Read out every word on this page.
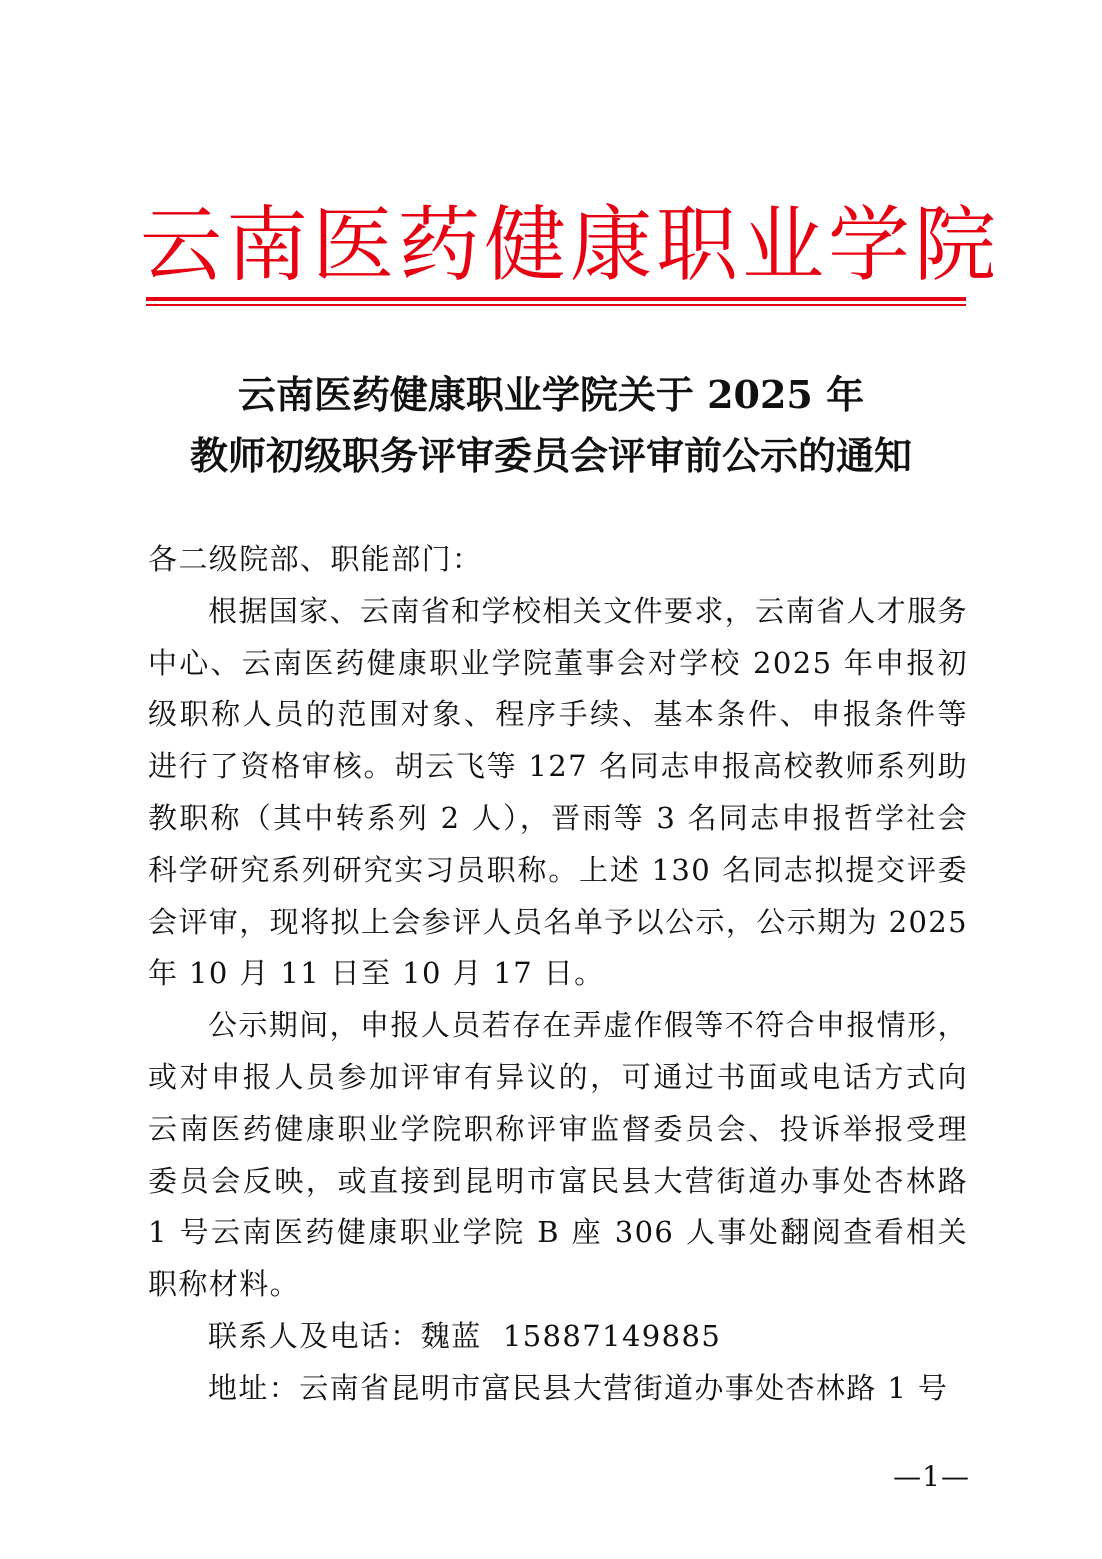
云南医药健康职业学院
云南医药健康职业学院关于 2025 年
教师初级职务评审委员会评审前公示的通知

各二级院部、职能部门：

根据国家、云南省和学校相关文件要求，云南省人才服务中心、云南医药健康职业学院董事会对学校 2025 年申报初级职称人员的范围对象、程序手续、基本条件、申报条件等进行了资格审核。胡云飞等 127 名同志申报高校教师系列助教职称（其中转系列 2 人），晋雨等 3 名同志申报哲学社会科学研究系列研究实习员职称。上述 130 名同志拟提交评委会评审，现将拟上会参评人员名单予以公示，公示期为 2025 年 10 月 11 日至 10 月 17 日。

公示期间，申报人员若存在弄虚作假等不符合申报情形，或对申报人员参加评审有异议的，可通过书面或电话方式向云南医药健康职业学院职称评审监督委员会、投诉举报受理委员会反映，或直接到昆明市富民县大营街道办事处杏林路 1 号云南医药健康职业学院 B 座 306 人事处翻阅查看相关职称材料。

联系人及电话：魏蓝  15887149885

地址：云南省昆明市富民县大营街道办事处杏林路 1 号

—1—
